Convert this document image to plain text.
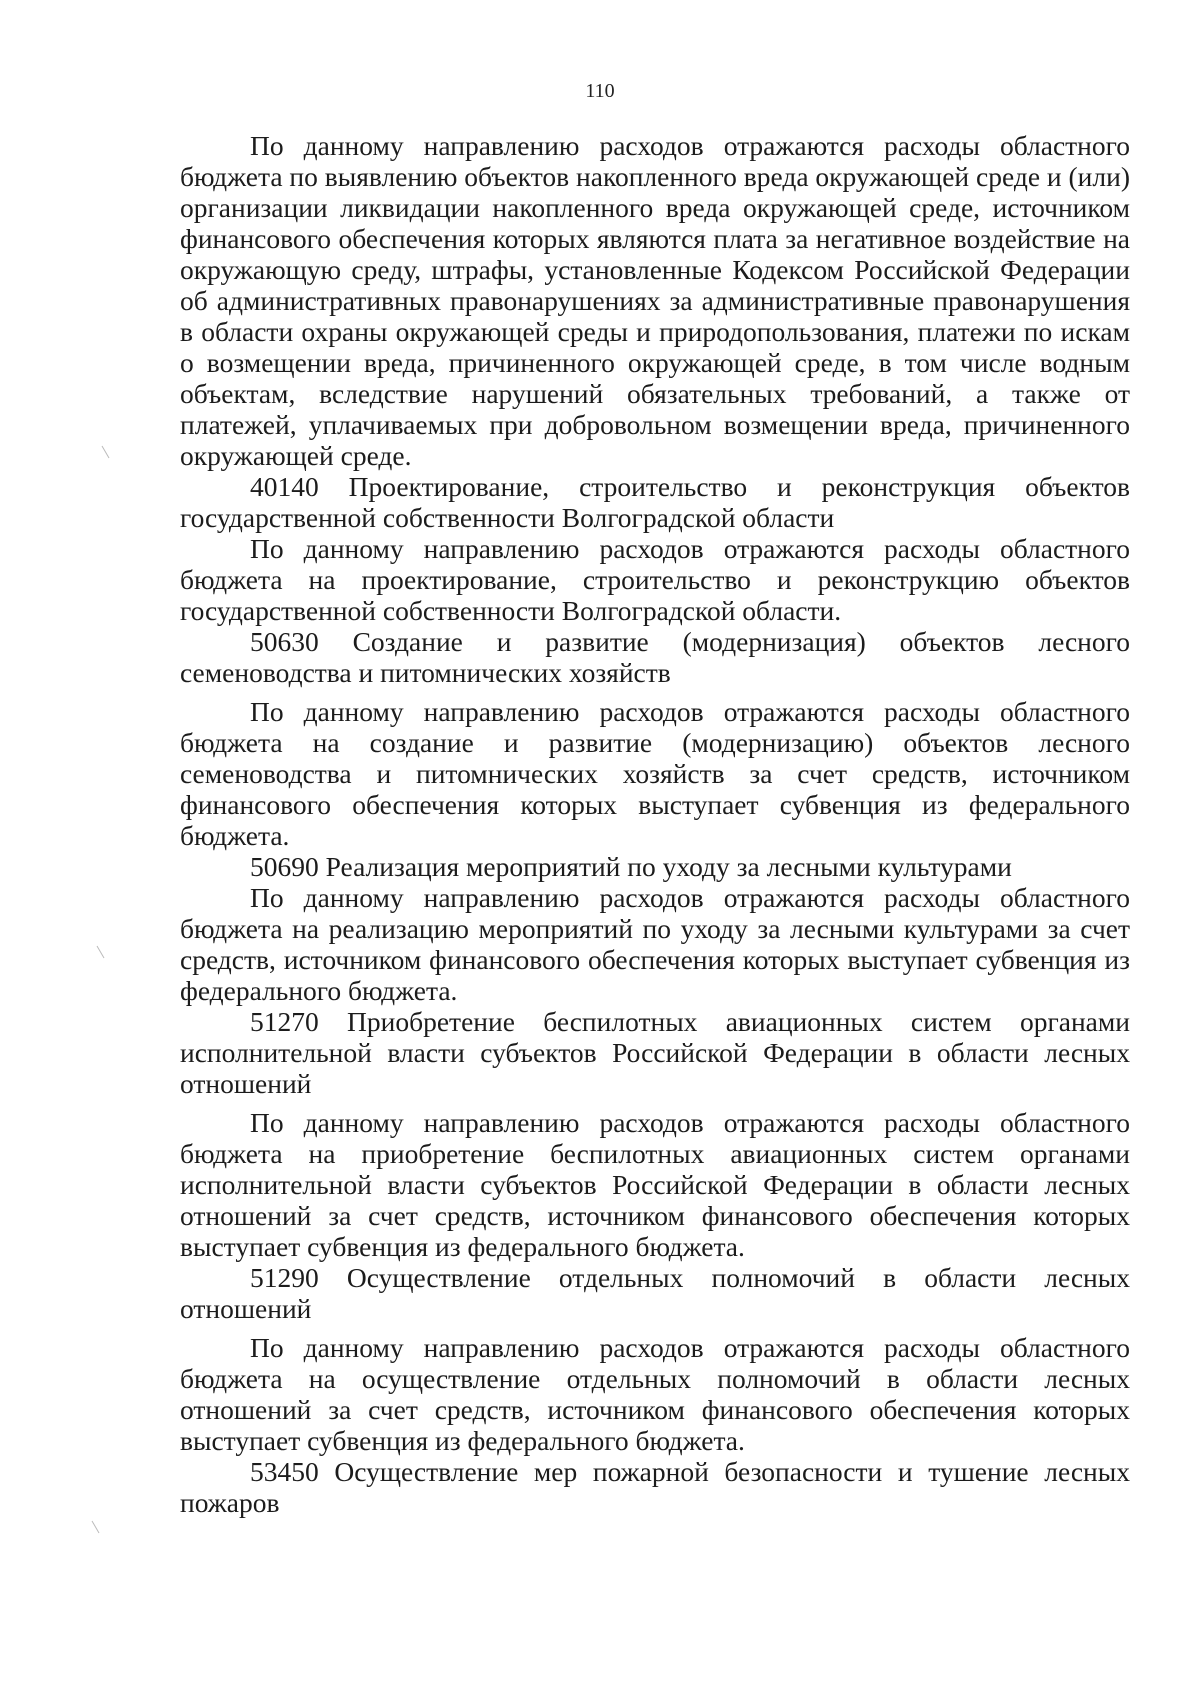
110

По данному направлению расходов отражаются расходы областного бюджета по выявлению объектов накопленного вреда окружающей среде и (или) организации ликвидации накопленного вреда окружающей среде, источником финансового обеспечения которых являются плата за негативное воздействие на окружающую среду, штрафы, установленные Кодексом Российской Федерации об административных правонарушениях за административные правонарушения в области охраны окружающей среды и природопользования, платежи по искам о возмещении вреда, причиненного окружающей среде, в том числе водным объектам, вследствие нарушений обязательных требований, а также от платежей, уплачиваемых при добровольном возмещении вреда, причиненного окружающей среде.

40140 Проектирование, строительство и реконструкция объектов государственной собственности Волгоградской области

По данному направлению расходов отражаются расходы областного бюджета на проектирование, строительство и реконструкцию объектов государственной собственности Волгоградской области.

50630 Создание и развитие (модернизация) объектов лесного семеноводства и питомнических хозяйств

По данному направлению расходов отражаются расходы областного бюджета на создание и развитие (модернизацию) объектов лесного семеноводства и питомнических хозяйств за счет средств, источником финансового обеспечения которых выступает субвенция из федерального бюджета.

50690 Реализация мероприятий по уходу за лесными культурами

По данному направлению расходов отражаются расходы областного бюджета на реализацию мероприятий по уходу за лесными культурами за счет средств, источником финансового обеспечения которых выступает субвенция из федерального бюджета.

51270 Приобретение беспилотных авиационных систем органами исполнительной власти субъектов Российской Федерации в области лесных отношений

По данному направлению расходов отражаются расходы областного бюджета на приобретение беспилотных авиационных систем органами исполнительной власти субъектов Российской Федерации в области лесных отношений за счет средств, источником финансового обеспечения которых выступает субвенция из федерального бюджета.

51290 Осуществление отдельных полномочий в области лесных отношений

По данному направлению расходов отражаются расходы областного бюджета на осуществление отдельных полномочий в области лесных отношений за счет средств, источником финансового обеспечения которых выступает субвенция из федерального бюджета.

53450 Осуществление мер пожарной безопасности и тушение лесных пожаров
